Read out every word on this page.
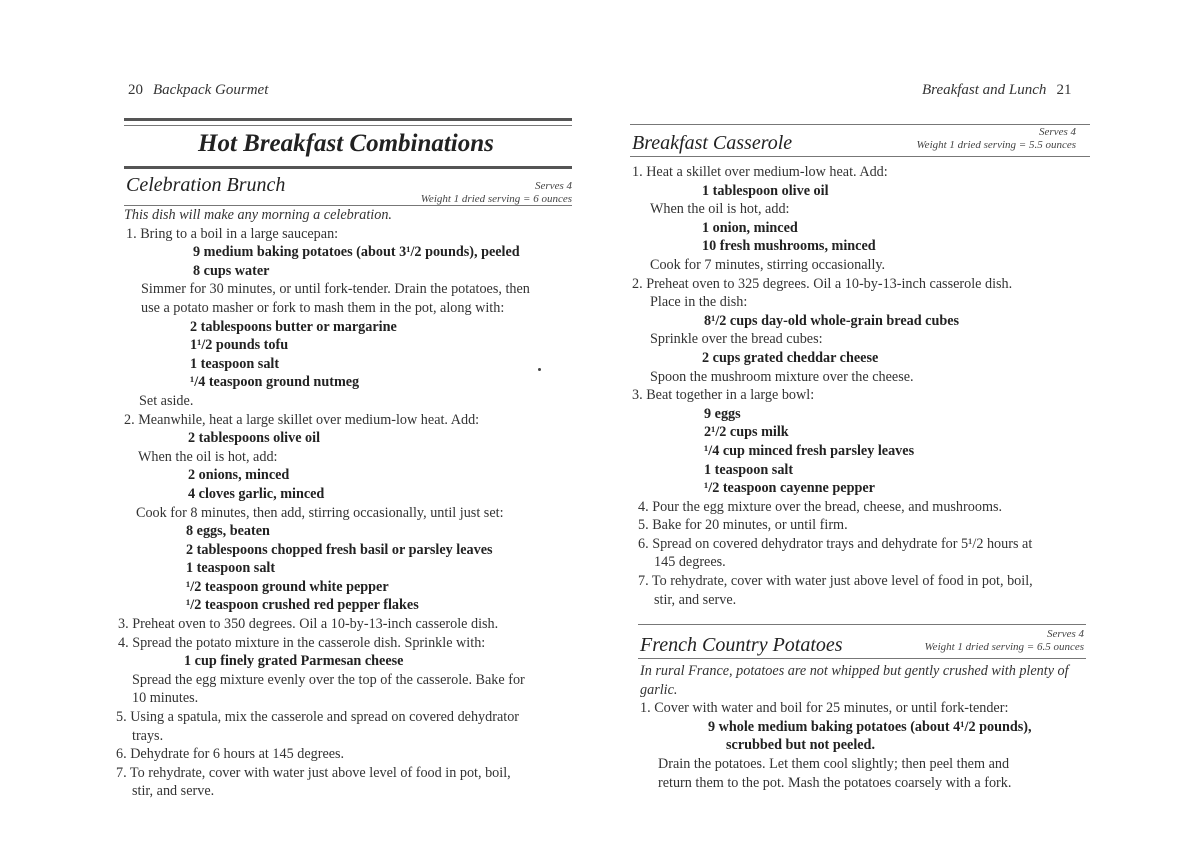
20 Backpack Gourmet
Hot Breakfast Combinations
Celebration Brunch	Serves 4
Weight 1 dried serving = 6 ounces
This dish will make any morning a celebration.
1. Bring to a boil in a large saucepan:
9 medium baking potatoes (about 3¹/2 pounds), peeled
8 cups water
Simmer for 30 minutes, or until fork-tender. Drain the potatoes, then
use a potato masher or fork to mash them in the pot, along with:
2 tablespoons butter or margarine
1¹/2 pounds tofu
1 teaspoon salt
¹/4 teaspoon ground nutmeg
Set aside.
2. Meanwhile, heat a large skillet over medium-low heat. Add:
2 tablespoons olive oil
When the oil is hot, add:
2 onions, minced
4 cloves garlic, minced
Cook for 8 minutes, then add, stirring occasionally, until just set:
8 eggs, beaten
2 tablespoons chopped fresh basil or parsley leaves
1 teaspoon salt
¹/2 teaspoon ground white pepper
¹/2 teaspoon crushed red pepper flakes
3. Preheat oven to 350 degrees. Oil a 10-by-13-inch casserole dish.
4. Spread the potato mixture in the casserole dish. Sprinkle with:
1 cup finely grated Parmesan cheese
Spread the egg mixture evenly over the top of the casserole. Bake for
10 minutes.
5. Using a spatula, mix the casserole and spread on covered dehydrator
trays.
6. Dehydrate for 6 hours at 145 degrees.
7. To rehydrate, cover with water just above level of food in pot, boil,
stir, and serve.
Breakfast and Lunch 21
Breakfast Casserole	Serves 4
Weight 1 dried serving = 5.5 ounces
1. Heat a skillet over medium-low heat. Add:
1 tablespoon olive oil
When the oil is hot, add:
1 onion, minced
10 fresh mushrooms, minced
Cook for 7 minutes, stirring occasionally.
2. Preheat oven to 325 degrees. Oil a 10-by-13-inch casserole dish.
Place in the dish:
8¹/2 cups day-old whole-grain bread cubes
Sprinkle over the bread cubes:
2 cups grated cheddar cheese
Spoon the mushroom mixture over the cheese.
3. Beat together in a large bowl:
9 eggs
2¹/2 cups milk
¹/4 cup minced fresh parsley leaves
1 teaspoon salt
¹/2 teaspoon cayenne pepper
4. Pour the egg mixture over the bread, cheese, and mushrooms.
5. Bake for 20 minutes, or until firm.
6. Spread on covered dehydrator trays and dehydrate for 5¹/2 hours at
145 degrees.
7. To rehydrate, cover with water just above level of food in pot, boil,
stir, and serve.
French Country Potatoes	Serves 4
Weight 1 dried serving = 6.5 ounces
In rural France, potatoes are not whipped but gently crushed with plenty of
garlic.
1. Cover with water and boil for 25 minutes, or until fork-tender:
9 whole medium baking potatoes (about 4¹/2 pounds),
scrubbed but not peeled.
Drain the potatoes. Let them cool slightly; then peel them and
return them to the pot. Mash the potatoes coarsely with a fork.
